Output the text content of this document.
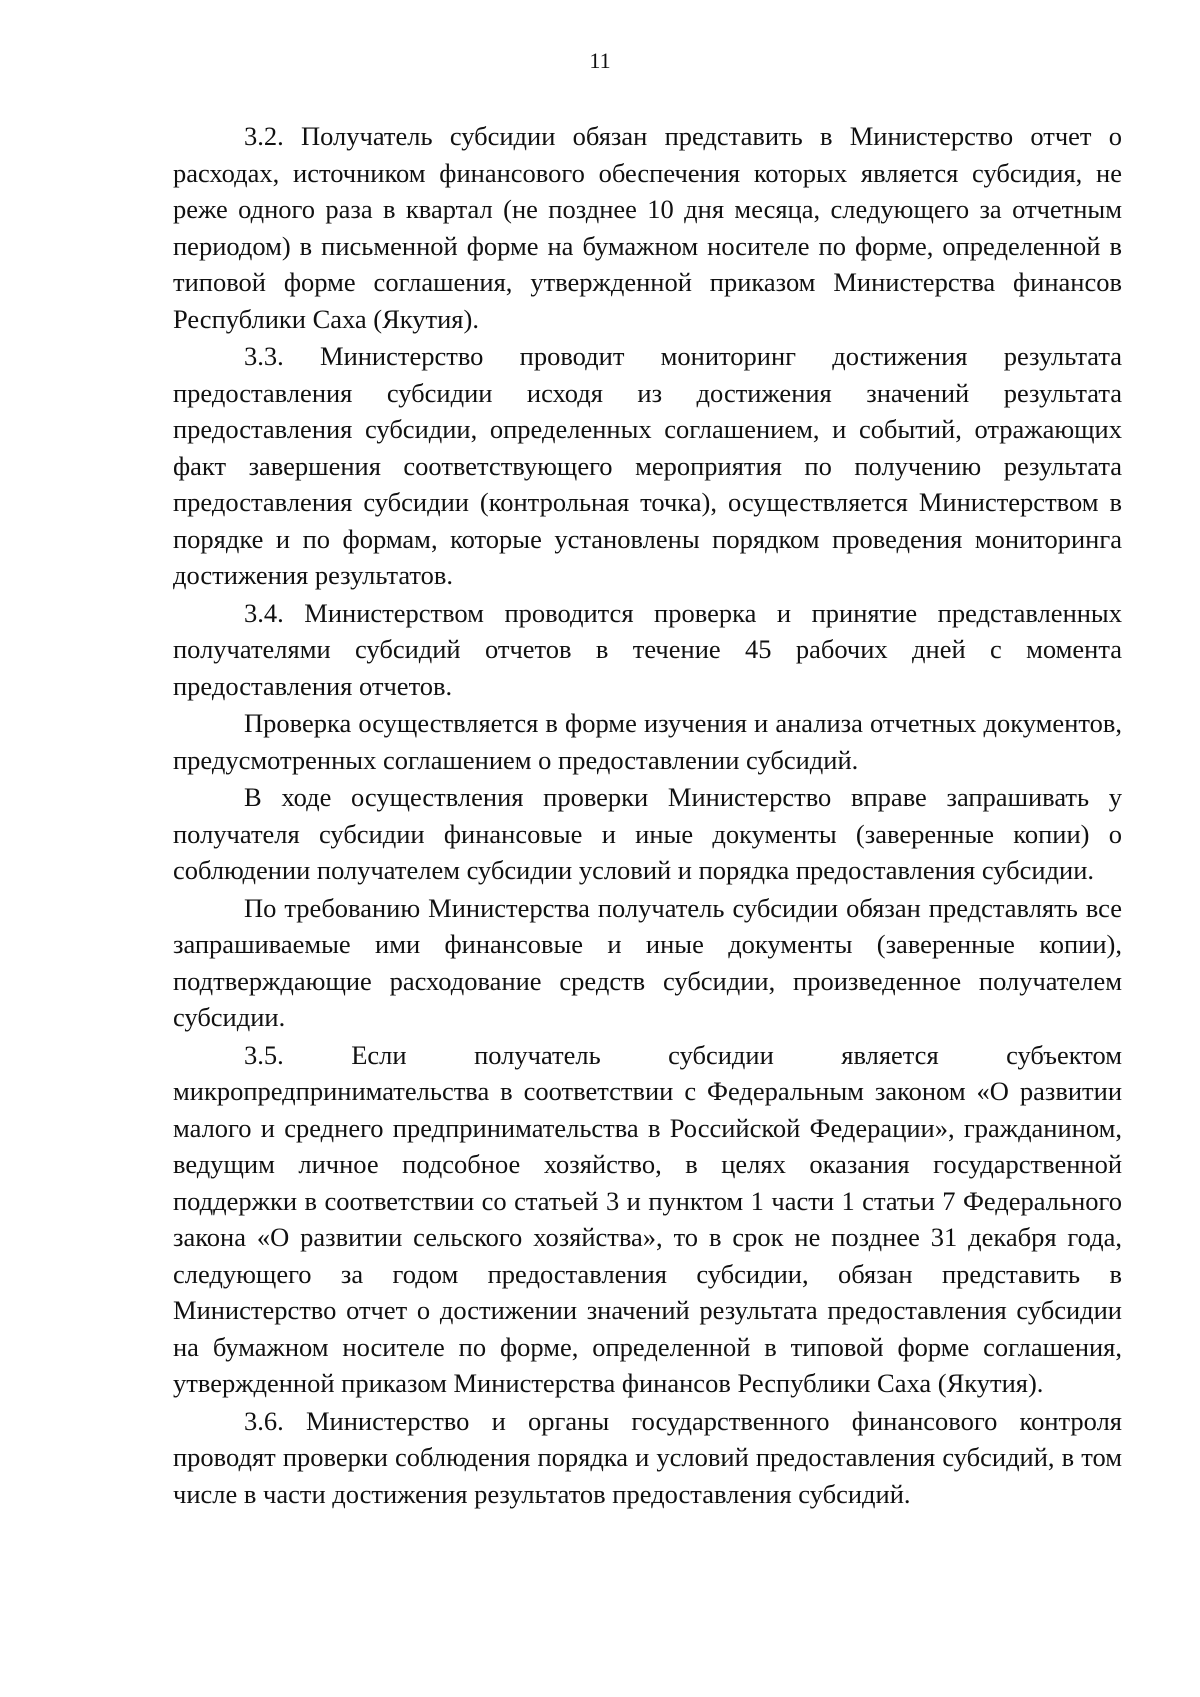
11

3.2. Получатель субсидии обязан представить в Министерство отчет о расходах, источником финансового обеспечения которых является субсидия, не реже одного раза в квартал (не позднее 10 дня месяца, следующего за отчетным периодом) в письменной форме на бумажном носителе по форме, определенной в типовой форме соглашения, утвержденной приказом Министерства финансов Республики Саха (Якутия).

3.3. Министерство проводит мониторинг достижения результата предоставления субсидии исходя из достижения значений результата предоставления субсидии, определенных соглашением, и событий, отражающих факт завершения соответствующего мероприятия по получению результата предоставления субсидии (контрольная точка), осуществляется Министерством в порядке и по формам, которые установлены порядком проведения мониторинга достижения результатов.

3.4. Министерством проводится проверка и принятие представленных получателями субсидий отчетов в течение 45 рабочих дней с момента предоставления отчетов.

Проверка осуществляется в форме изучения и анализа отчетных документов, предусмотренных соглашением о предоставлении субсидий.

В ходе осуществления проверки Министерство вправе запрашивать у получателя субсидии финансовые и иные документы (заверенные копии) о соблюдении получателем субсидии условий и порядка предоставления субсидии.

По требованию Министерства получатель субсидии обязан представлять все запрашиваемые ими финансовые и иные документы (заверенные копии), подтверждающие расходование средств субсидии, произведенное получателем субсидии.

3.5. Если получатель субсидии является субъектом микропредпринимательства в соответствии с Федеральным законом «О развитии малого и среднего предпринимательства в Российской Федерации», гражданином, ведущим личное подсобное хозяйство, в целях оказания государственной поддержки в соответствии со статьей 3 и пунктом 1 части 1 статьи 7 Федерального закона «О развитии сельского хозяйства», то в срок не позднее 31 декабря года, следующего за годом предоставления субсидии, обязан представить в Министерство отчет о достижении значений результата предоставления субсидии на бумажном носителе по форме, определенной в типовой форме соглашения, утвержденной приказом Министерства финансов Республики Саха (Якутия).

3.6. Министерство и органы государственного финансового контроля проводят проверки соблюдения порядка и условий предоставления субсидий, в том числе в части достижения результатов предоставления субсидий.
